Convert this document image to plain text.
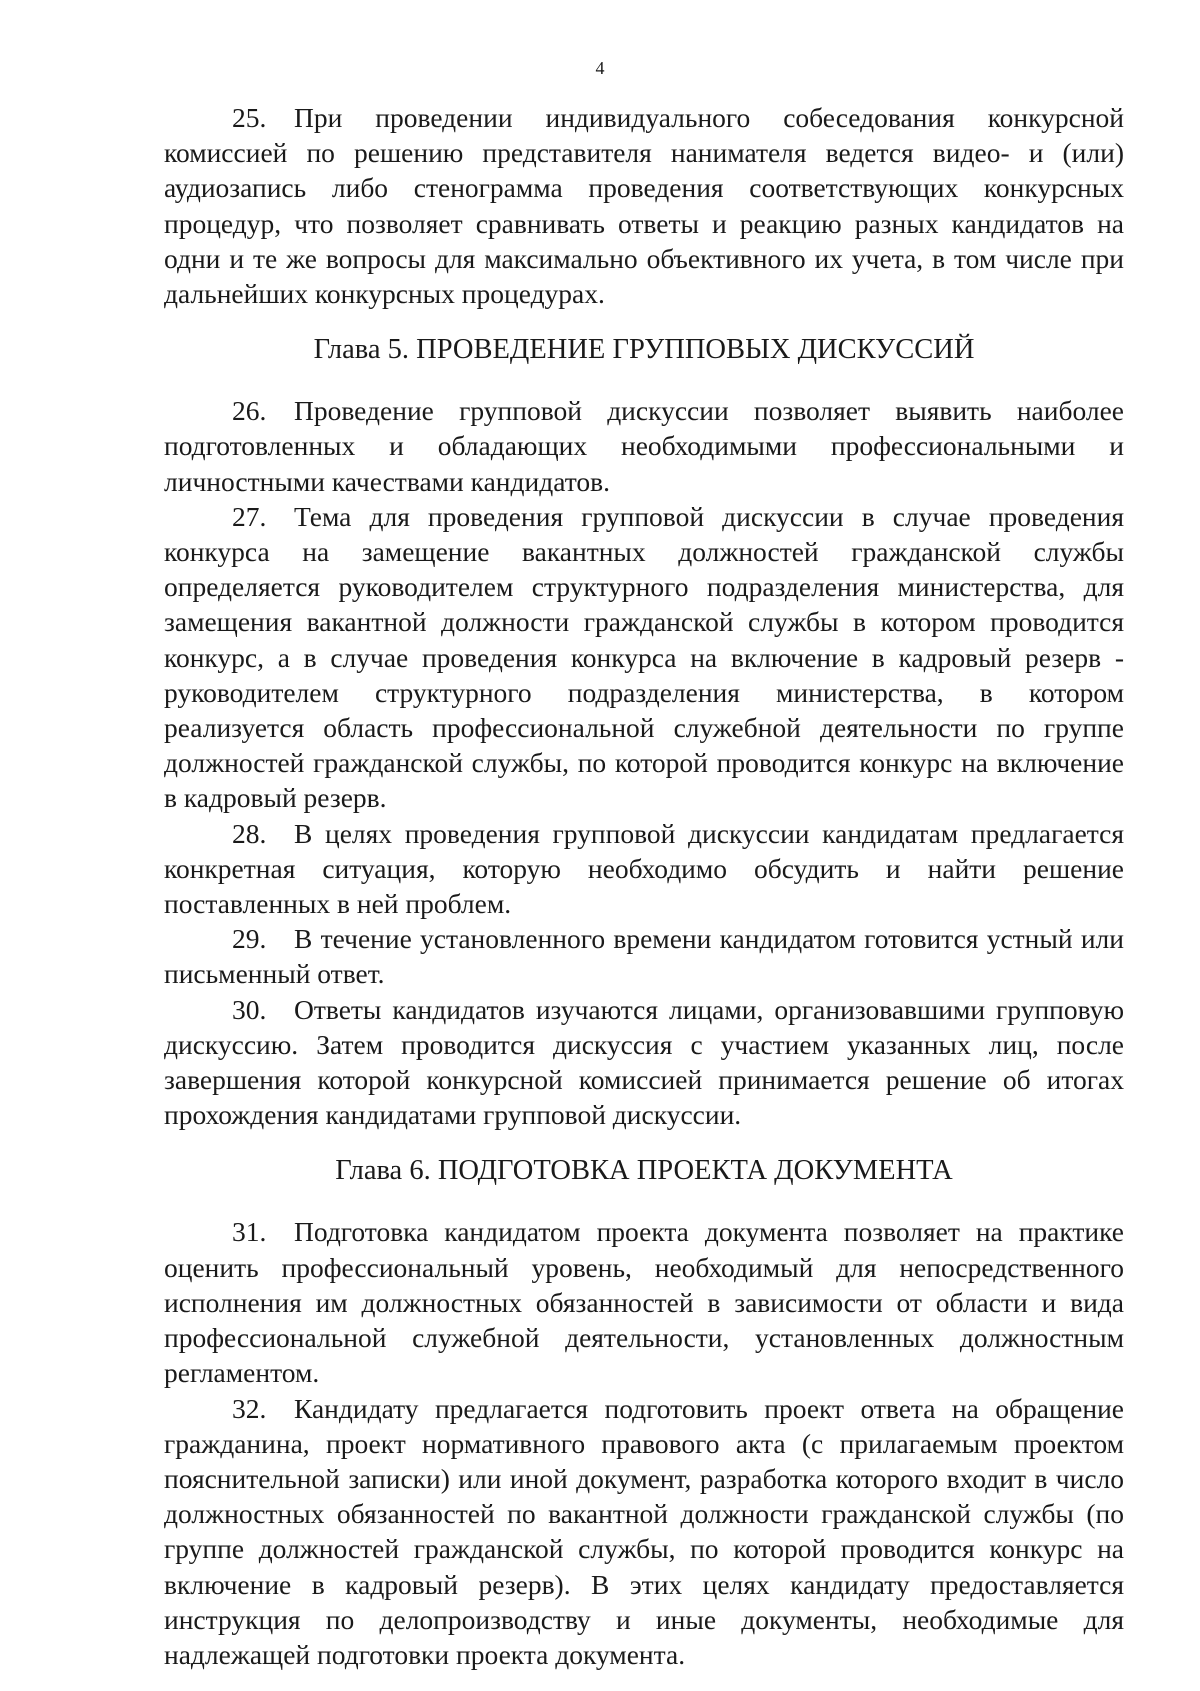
4

25. При проведении индивидуального собеседования конкурсной комиссией по решению представителя нанимателя ведется видео- и (или) аудиозапись либо стенограмма проведения соответствующих конкурсных процедур, что позволяет сравнивать ответы и реакцию разных кандидатов на одни и те же вопросы для максимально объективного их учета, в том числе при дальнейших конкурсных процедурах.

Глава 5. ПРОВЕДЕНИЕ ГРУППОВЫХ ДИСКУССИЙ

26. Проведение групповой дискуссии позволяет выявить наиболее подготовленных и обладающих необходимыми профессиональными и личностными качествами кандидатов.

27. Тема для проведения групповой дискуссии в случае проведения конкурса на замещение вакантных должностей гражданской службы определяется руководителем структурного подразделения министерства, для замещения вакантной должности гражданской службы в котором проводится конкурс, а в случае проведения конкурса на включение в кадровый резерв - руководителем структурного подразделения министерства, в котором реализуется область профессиональной служебной деятельности по группе должностей гражданской службы, по которой проводится конкурс на включение в кадровый резерв.

28. В целях проведения групповой дискуссии кандидатам предлагается конкретная ситуация, которую необходимо обсудить и найти решение поставленных в ней проблем.

29. В течение установленного времени кандидатом готовится устный или письменный ответ.

30. Ответы кандидатов изучаются лицами, организовавшими групповую дискуссию. Затем проводится дискуссия с участием указанных лиц, после завершения которой конкурсной комиссией принимается решение об итогах прохождения кандидатами групповой дискуссии.

Глава 6. ПОДГОТОВКА ПРОЕКТА ДОКУМЕНТА

31. Подготовка кандидатом проекта документа позволяет на практике оценить профессиональный уровень, необходимый для непосредственного исполнения им должностных обязанностей в зависимости от области и вида профессиональной служебной деятельности, установленных должностным регламентом.

32. Кандидату предлагается подготовить проект ответа на обращение гражданина, проект нормативного правового акта (с прилагаемым проектом пояснительной записки) или иной документ, разработка которого входит в число должностных обязанностей по вакантной должности гражданской службы (по группе должностей гражданской службы, по которой проводится конкурс на включение в кадровый резерв). В этих целях кандидату предоставляется инструкция по делопроизводству и иные документы, необходимые для надлежащей подготовки проекта документа.
